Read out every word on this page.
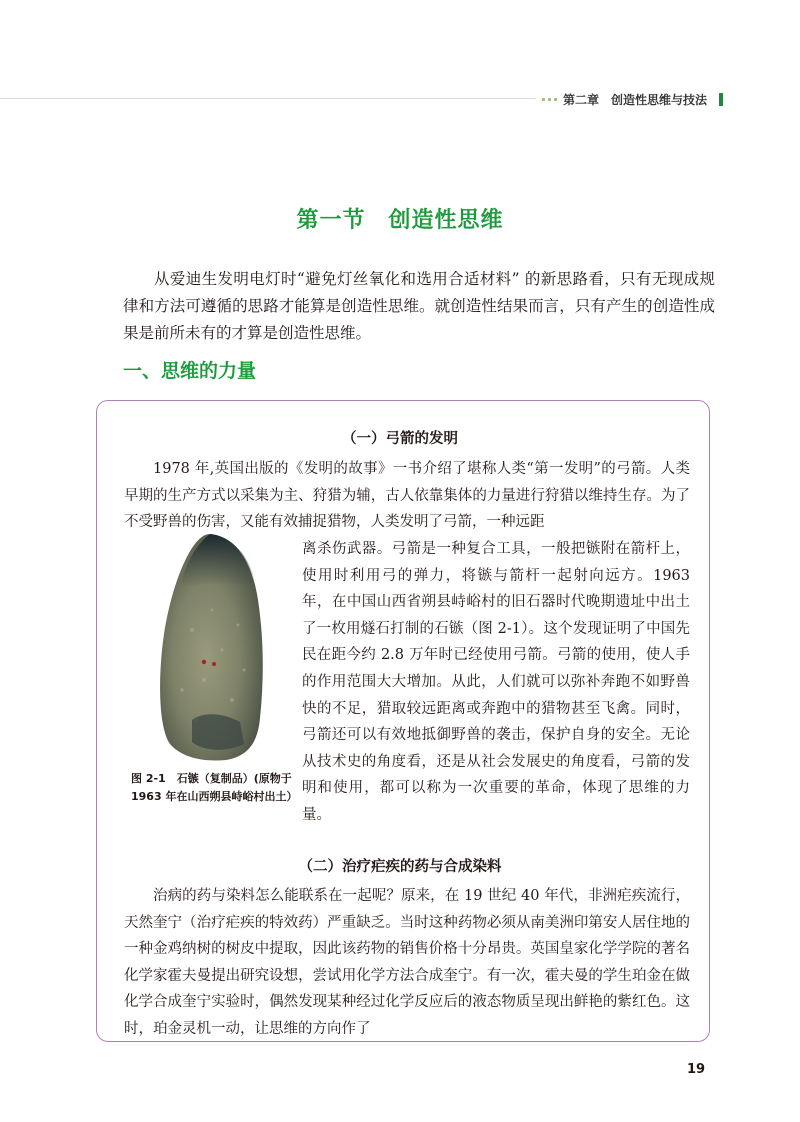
第二章 创造性思维与技法
第一节　创造性思维
从爱迪生发明电灯时“避免灯丝氧化和选用合适材料” 的新思路看，只有无现成规律和方法可遵循的思路才能算是创造性思维。就创造性结果而言，只有产生的创造性成果是前所未有的才算是创造性思维。
一、思维的力量
（一）弓箭的发明
1978 年,英国出版的《发明的故事》一书介绍了堪称人类“第一发明”的弓箭。人类早期的生产方式以采集为主、狩猎为辅，古人依靠集体的力量进行狩猎以维持生存。为了不受野兽的伤害，又能有效捕捉猎物，人类发明了弓箭，一种远距
图 2-1　石镞（复制品）(原物于 1963 年在山西朔县峙峪村出土）
离杀伤武器。弓箭是一种复合工具，一般把镞附在箭杆上，使用时利用弓的弹力，将镞与箭杆一起射向远方。1963 年，在中国山西省朔县峙峪村的旧石器时代晚期遗址中出土了一枚用燧石打制的石镞（图 2-1）。这个发现证明了中国先民在距今约 2.8 万年时已经使用弓箭。弓箭的使用，使人手的作用范围大大增加。从此，人们就可以弥补奔跑不如野兽快的不足，猎取较远距离或奔跑中的猎物甚至飞禽。同时，弓箭还可以有效地抵御野兽的袭击，保护自身的安全。无论从技术史的角度看，还是从社会发展史的角度看，弓箭的发明和使用，都可以称为一次重要的革命，体现了思维的力量。
（二）治疗疟疾的药与合成染料
治病的药与染料怎么能联系在一起呢？原来，在 19 世纪 40 年代，非洲疟疾流行，天然奎宁（治疗疟疾的特效药）严重缺乏。当时这种药物必须从南美洲印第安人居住地的一种金鸡纳树的树皮中提取，因此该药物的销售价格十分昂贵。英国皇家化学学院的著名化学家霍夫曼提出研究设想，尝试用化学方法合成奎宁。有一次，霍夫曼的学生珀金在做化学合成奎宁实验时，偶然发现某种经过化学反应后的液态物质呈现出鲜艳的紫红色。这时，珀金灵机一动，让思维的方向作了
19
